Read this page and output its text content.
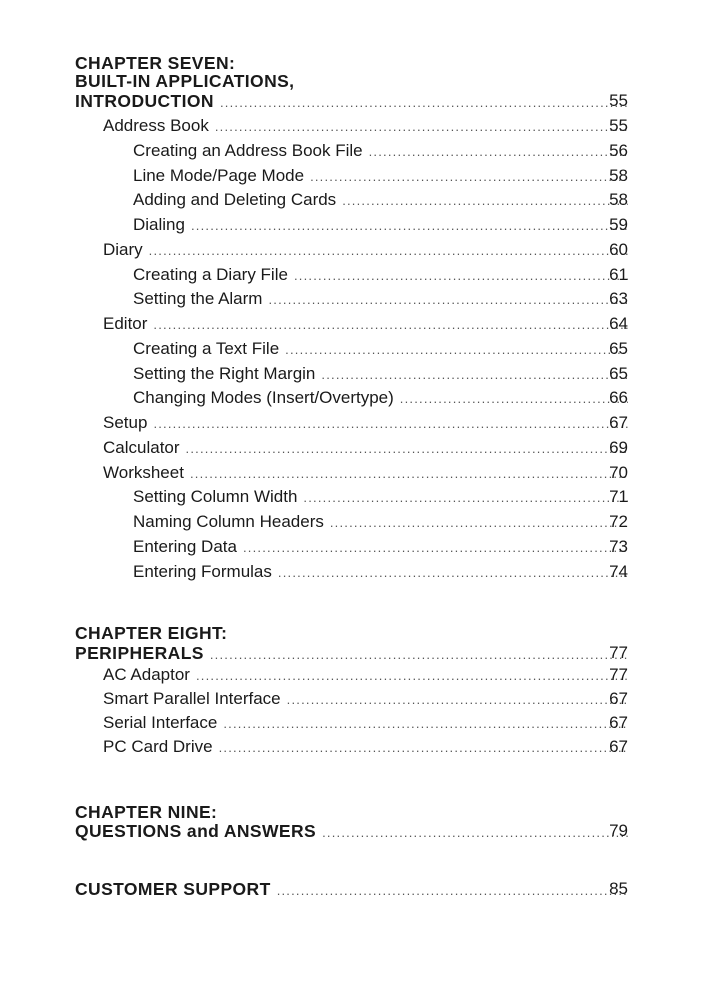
CHAPTER SEVEN:
BUILT-IN APPLICATIONS,
INTRODUCTION .....	55
Address Book .....	55
Creating an Address Book File .....	56
Line Mode/Page Mode .....	58
Adding and Deleting Cards .....	58
Dialing .....	59
Diary .....	60
Creating a Diary File .....	61
Setting the Alarm .....	63
Editor .....	64
Creating a Text File .....	65
Setting the Right Margin .....	65
Changing Modes (Insert/Overtype) .....	66
Setup .....	67
Calculator .....	69
Worksheet .....	70
Setting Column Width .....	71
Naming Column Headers .....	72
Entering Data .....	73
Entering Formulas .....	74
CHAPTER EIGHT:
PERIPHERALS .....	77
AC Adaptor .....	77
Smart Parallel Interface .....	67
Serial Interface .....	67
PC Card Drive .....	67
CHAPTER NINE:
QUESTIONS and ANSWERS .....	79
CUSTOMER SUPPORT .....	85
